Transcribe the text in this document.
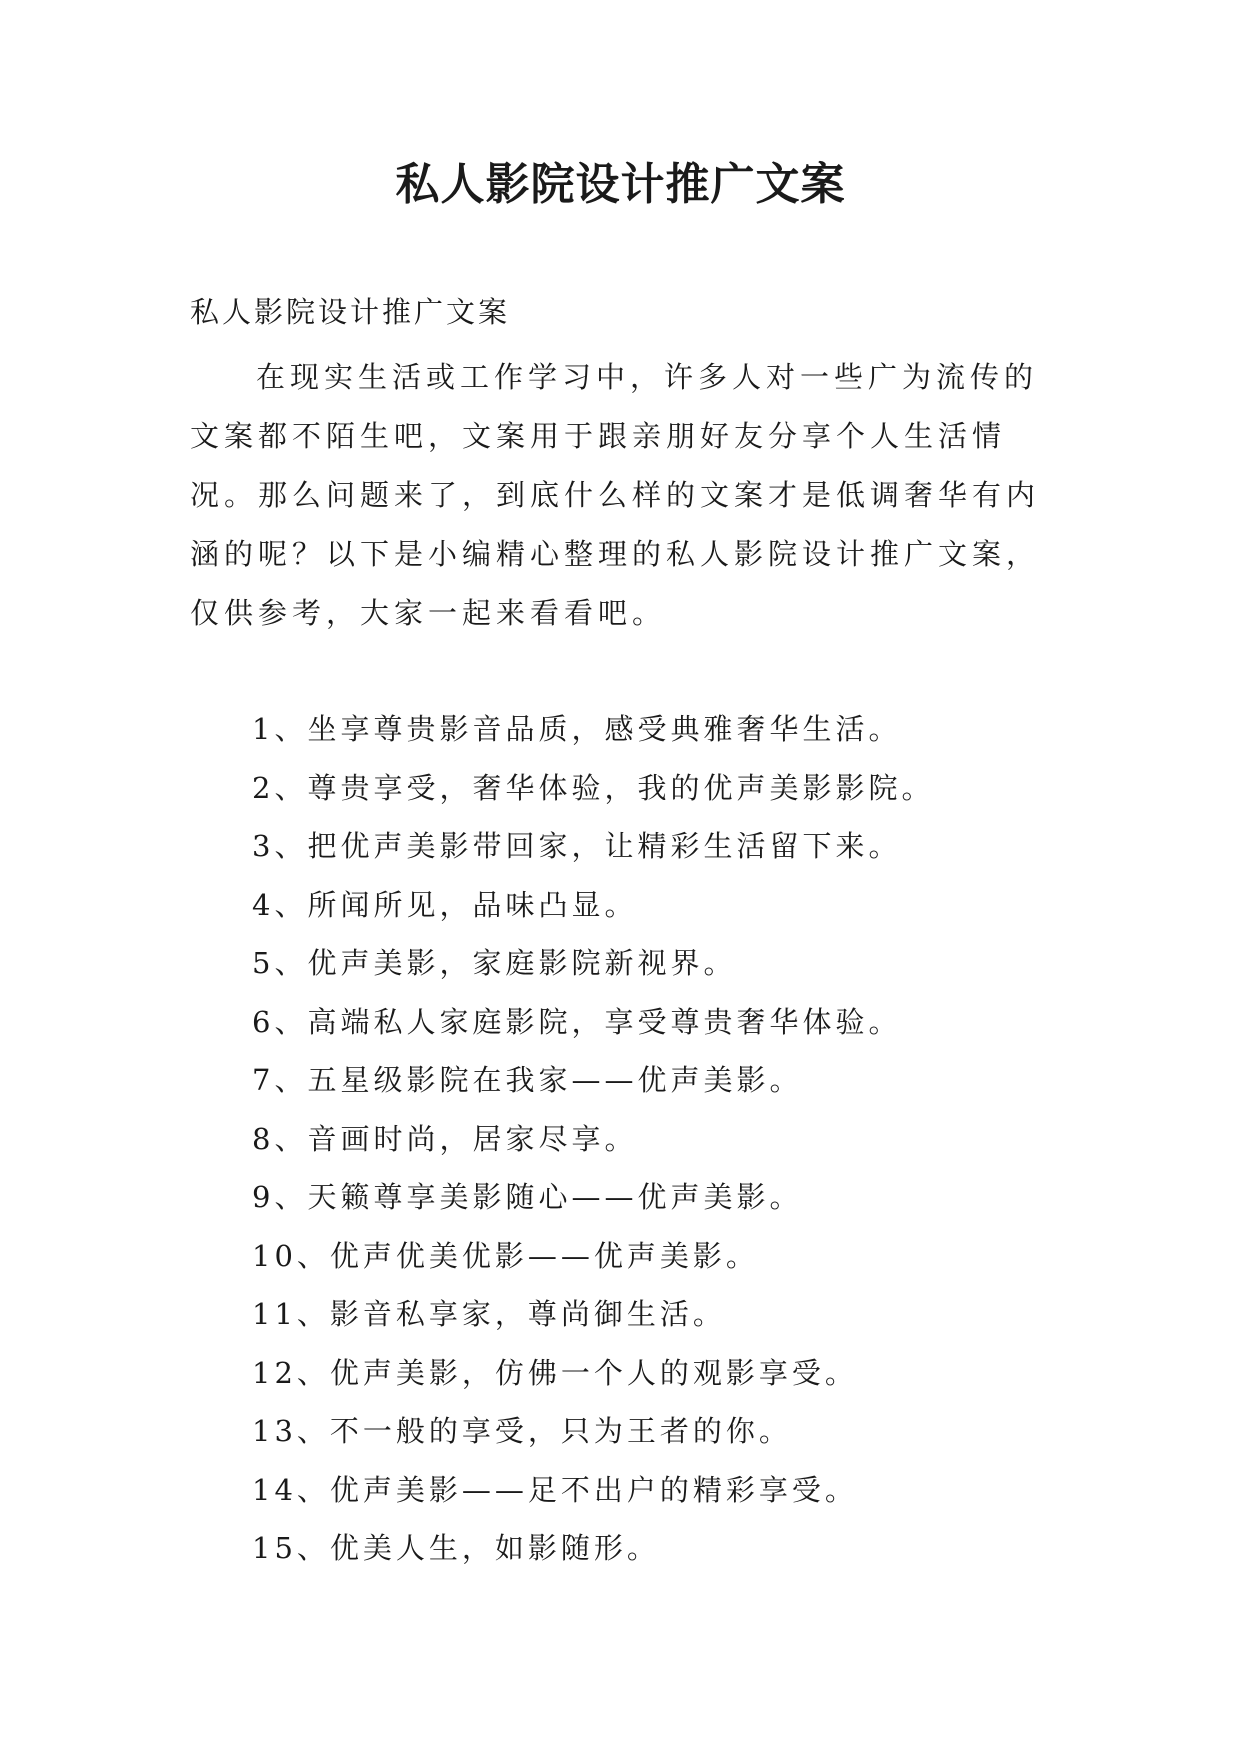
私人影院设计推广文案

私人影院设计推广文案

在现实生活或工作学习中，许多人对一些广为流传的文案都不陌生吧，文案用于跟亲朋好友分享个人生活情况。那么问题来了，到底什么样的文案才是低调奢华有内涵的呢？以下是小编精心整理的私人影院设计推广文案，仅供参考，大家一起来看看吧。

1、坐享尊贵影音品质，感受典雅奢华生活。
2、尊贵享受，奢华体验，我的优声美影影院。
3、把优声美影带回家，让精彩生活留下来。
4、所闻所见，品味凸显。
5、优声美影，家庭影院新视界。
6、高端私人家庭影院，享受尊贵奢华体验。
7、五星级影院在我家——优声美影。
8、音画时尚，居家尽享。
9、天籁尊享美影随心——优声美影。
10、优声优美优影——优声美影。
11、影音私享家，尊尚御生活。
12、优声美影，仿佛一个人的观影享受。
13、不一般的享受，只为王者的你。
14、优声美影——足不出户的精彩享受。
15、优美人生，如影随形。
